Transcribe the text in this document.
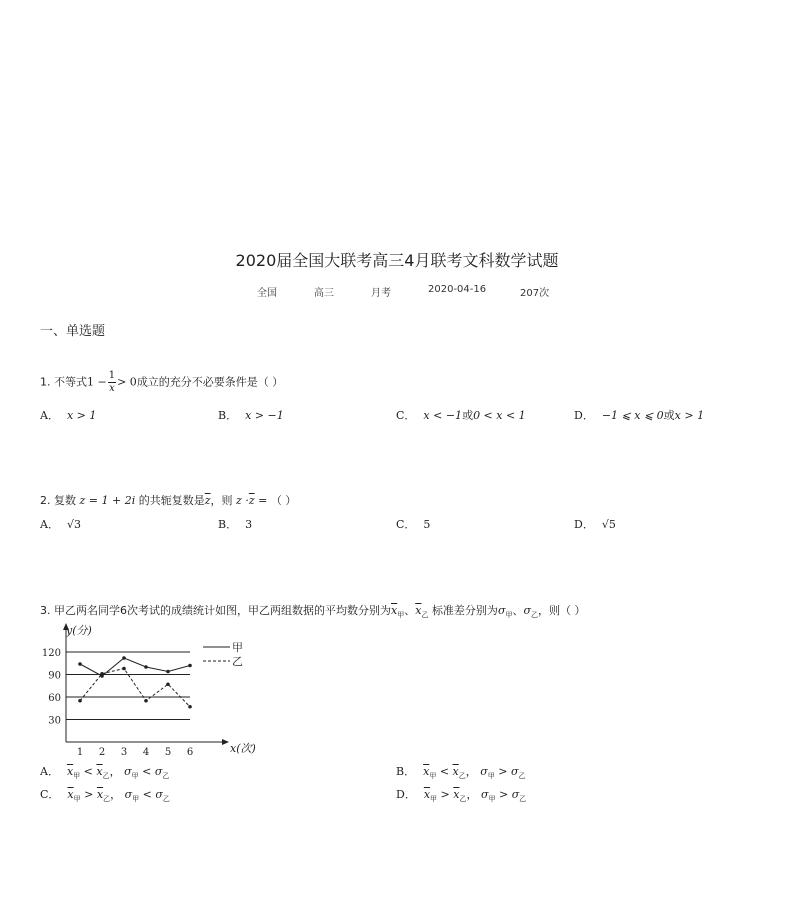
2020届全国大联考高三4月联考文科数学试题
全国	高三	月考	2020-04-16	207次
一、单选题
1. 不等式$1 - \frac{1}{x} > 0$成立的充分不必要条件是（ ）
A． x > 1	B． x > −1	C． x < −1或0 < x < 1	D． −1 ⩽ x ⩽ 0或x > 1
2. 复数 z = 1 + 2i 的共轭复数是$\overline{z}$，则 $z \cdot\overline{z}$ = （ ）
A． √3	B． 3	C． 5	D． √5
3. 甲乙两名同学6次考试的成绩统计如图，甲乙两组数据的平均数分别为$\overline{x}_甲$、$\overline{x}_乙$ 标准差分别为$\sigma_甲$、$\sigma_乙$，则（ ）
30
60
90
120
y(分)
x(次)
1 2 3 4 5 6
甲
乙
A． $\overline{x}_甲 < \overline{x}_乙$， $\sigma_甲 < \sigma_乙$	B． $\overline{x}_甲 < \overline{x}_乙$， $\sigma_甲 > \sigma_乙$
C． $\overline{x}_甲 > \overline{x}_乙$， $\sigma_甲 < \sigma_乙$	D． $\overline{x}_甲 > \overline{x}_乙$， $\sigma_甲 > \sigma_乙$
